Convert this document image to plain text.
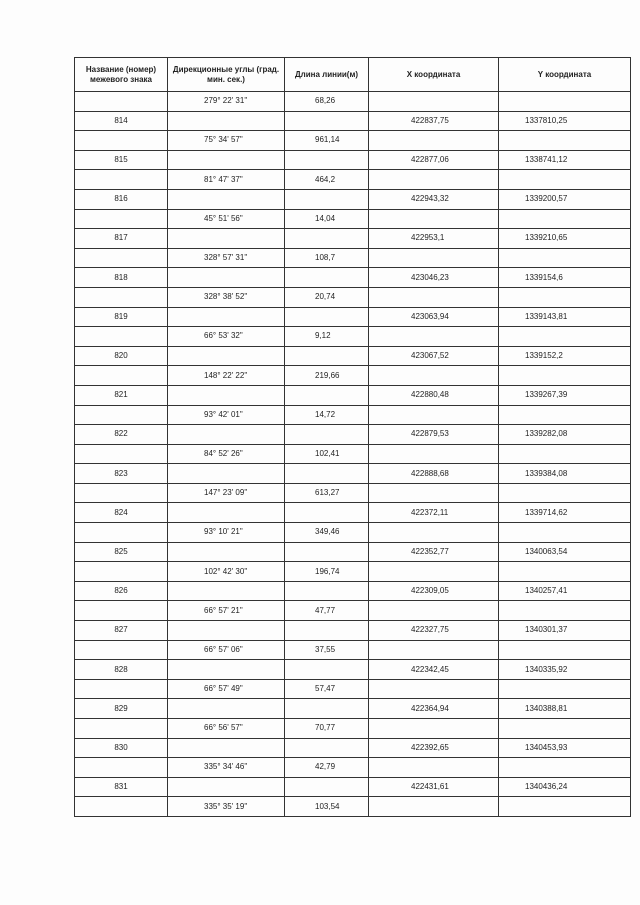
Название (номер) межевого знака	Дирекционные углы (град. мин. сек.)	Длина линии(м)	X координата	Y координата
	279° 22' 31"	68,26		
814			422837,75	1337810,25
	75° 34' 57"	961,14		
815			422877,06	1338741,12
	81° 47' 37"	464,2		
816			422943,32	1339200,57
	45° 51' 56"	14,04		
817			422953,1	1339210,65
	328° 57' 31"	108,7		
818			423046,23	1339154,6
	328° 38' 52"	20,74		
819			423063,94	1339143,81
	66° 53' 32"	9,12		
820			423067,52	1339152,2
	148° 22' 22"	219,66		
821			422880,48	1339267,39
	93° 42' 01"	14,72		
822			422879,53	1339282,08
	84° 52' 26"	102,41		
823			422888,68	1339384,08
	147° 23' 09"	613,27		
824			422372,11	1339714,62
	93° 10' 21"	349,46		
825			422352,77	1340063,54
	102° 42' 30"	196,74		
826			422309,05	1340257,41
	66° 57' 21"	47,77		
827			422327,75	1340301,37
	66° 57' 06"	37,55		
828			422342,45	1340335,92
	66° 57' 49"	57,47		
829			422364,94	1340388,81
	66° 56' 57"	70,77		
830			422392,65	1340453,93
	335° 34' 46"	42,79		
831			422431,61	1340436,24
	335° 35' 19"	103,54		
